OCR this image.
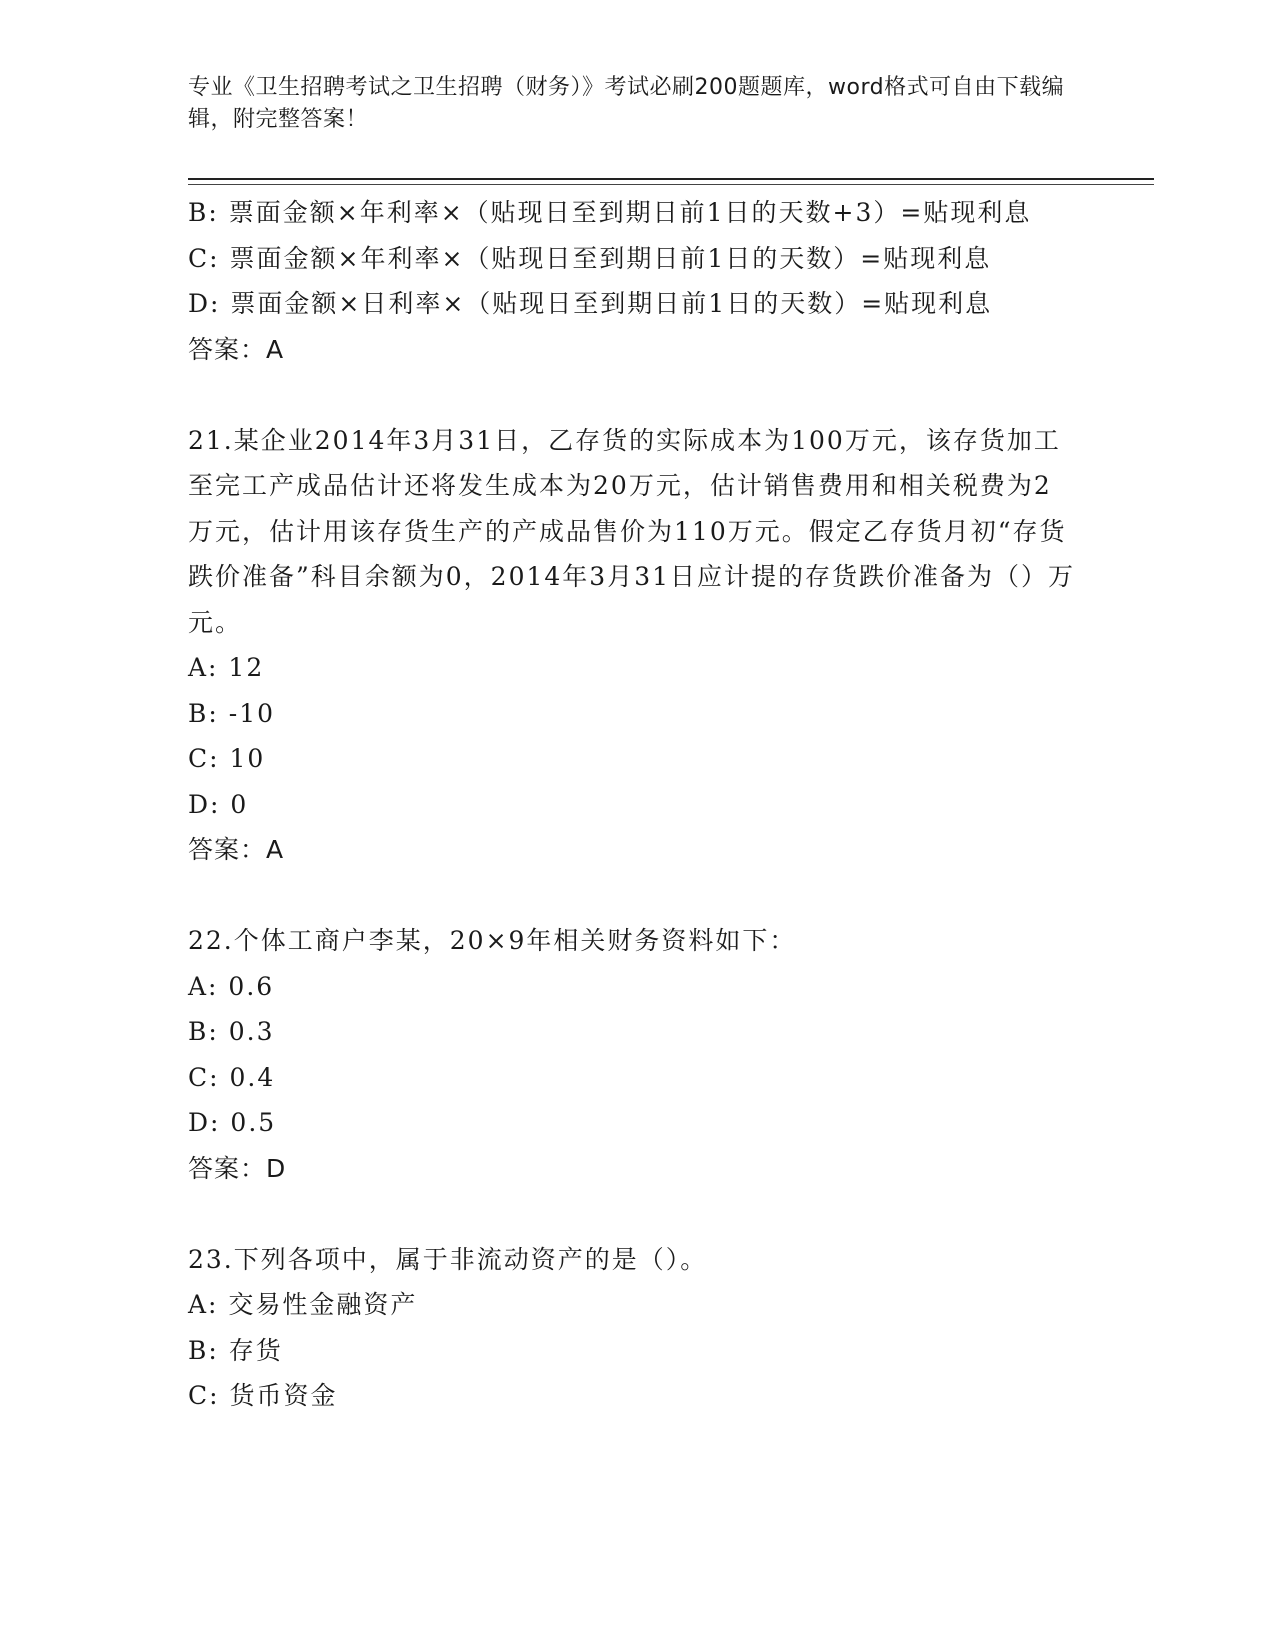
专业《卫生招聘考试之卫生招聘（财务）》考试必刷200题题库，word格式可自由下载编辑，附完整答案！
B: 票面金额×年利率×（贴现日至到期日前1日的天数+3）=贴现利息
C: 票面金额×年利率×（贴现日至到期日前1日的天数）=贴现利息
D: 票面金额×日利率×（贴现日至到期日前1日的天数）=贴现利息
答案：A
21.某企业2014年3月31日，乙存货的实际成本为100万元，该存货加工至完工产成品估计还将发生成本为20万元，估计销售费用和相关税费为2万元，估计用该存货生产的产成品售价为110万元。假定乙存货月初“存货跌价准备”科目余额为0，2014年3月31日应计提的存货跌价准备为（）万元。
A: 12
B: -10
C: 10
D: 0
答案：A
22.个体工商户李某，20×9年相关财务资料如下：
A: 0.6
B: 0.3
C: 0.4
D: 0.5
答案：D
23.下列各项中，属于非流动资产的是（）。
A: 交易性金融资产
B: 存货
C: 货币资金
